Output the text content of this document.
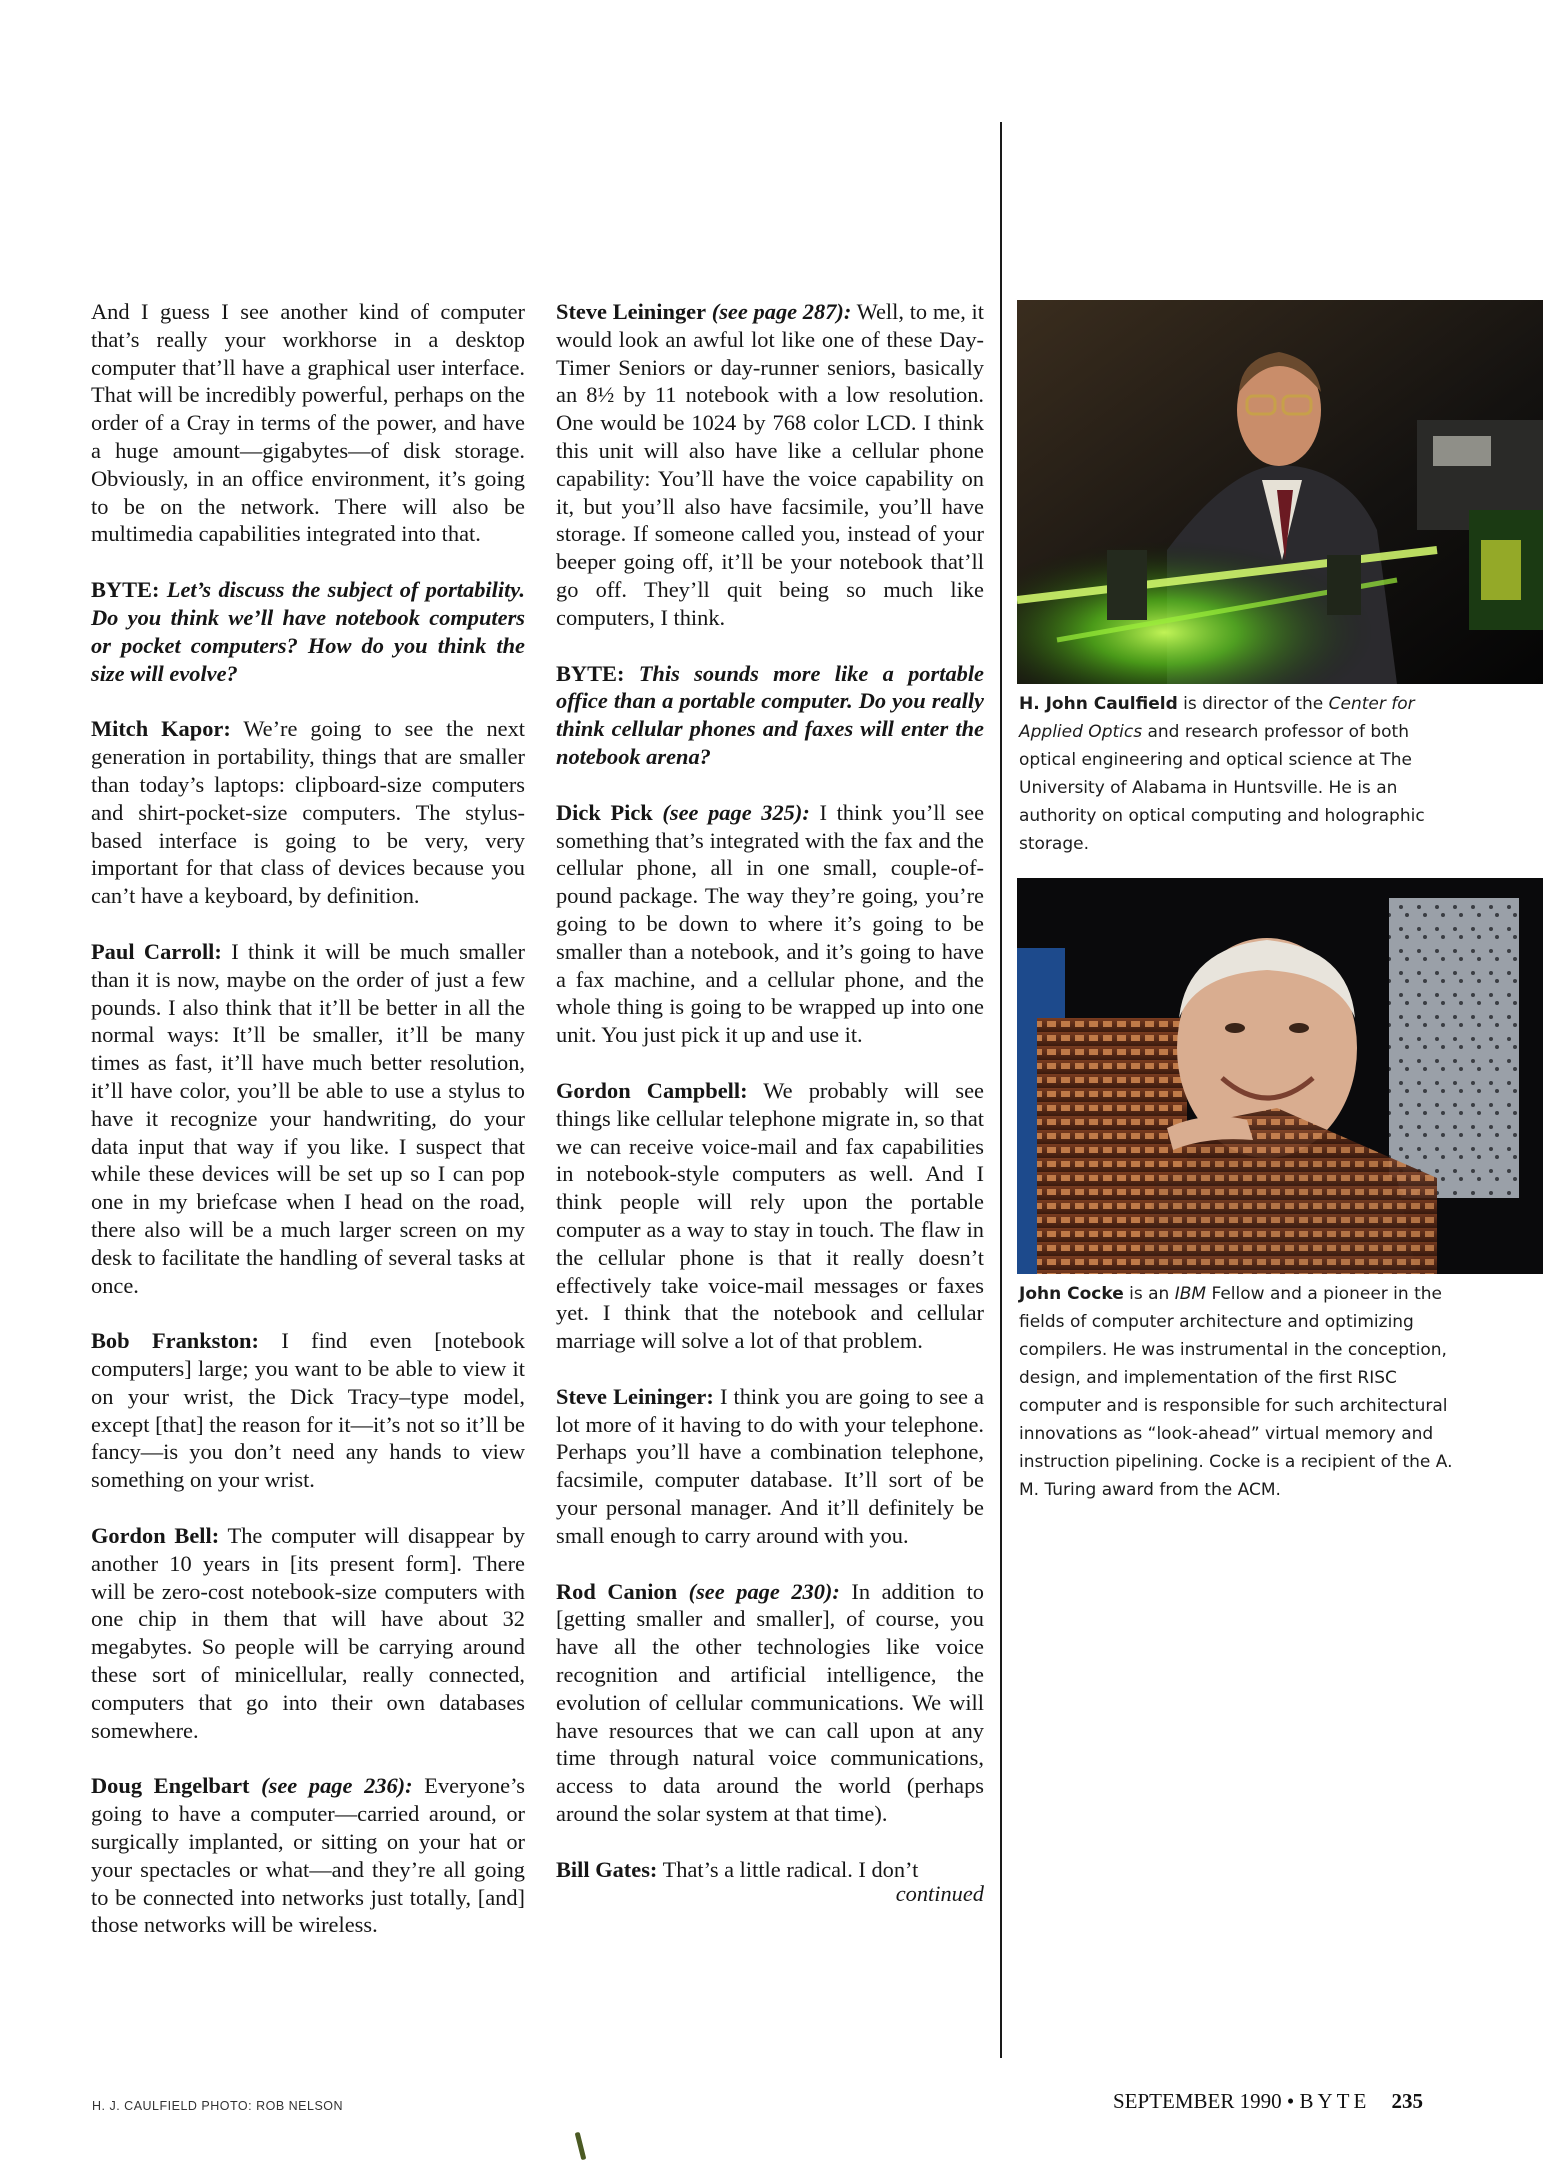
And I guess I see another kind of computer that’s really your workhorse in a desktop computer that’ll have a graphical user interface. That will be incredibly powerful, perhaps on the order of a Cray in terms of the power, and have a huge amount—gigabytes—of disk storage. Obviously, in an office environment, it’s going to be on the network. There will also be multimedia capabilities integrated into that.

BYTE: Let’s discuss the subject of portability. Do you think we’ll have notebook computers or pocket computers? How do you think the size will evolve?

Mitch Kapor: We’re going to see the next generation in portability, things that are smaller than today’s laptops: clipboard-size computers and shirt-pocket-size computers. The stylus-based interface is going to be very, very important for that class of devices because you can’t have a keyboard, by definition.

Paul Carroll: I think it will be much smaller than it is now, maybe on the order of just a few pounds. I also think that it’ll be better in all the normal ways: It’ll be smaller, it’ll be many times as fast, it’ll have much better resolution, it’ll have color, you’ll be able to use a stylus to have it recognize your handwriting, do your data input that way if you like. I suspect that while these devices will be set up so I can pop one in my briefcase when I head on the road, there also will be a much larger screen on my desk to facilitate the handling of several tasks at once.

Bob Frankston: I find even [notebook computers] large; you want to be able to view it on your wrist, the Dick Tracy–type model, except [that] the reason for it—it’s not so it’ll be fancy—is you don’t need any hands to view something on your wrist.

Gordon Bell: The computer will disappear by another 10 years in [its present form]. There will be zero-cost notebook-size computers with one chip in them that will have about 32 megabytes. So people will be carrying around these sort of minicellular, really connected, computers that go into their own databases somewhere.

Doug Engelbart (see page 236): Everyone’s going to have a computer—carried around, or surgically implanted, or sitting on your hat or your spectacles or what—and they’re all going to be connected into networks just totally, [and] those networks will be wireless.

Steve Leininger (see page 287): Well, to me, it would look an awful lot like one of these Day-Timer Seniors or day-runner seniors, basically an 8½ by 11 notebook with a low resolution. One would be 1024 by 768 color LCD. I think this unit will also have like a cellular phone capability: You’ll have the voice capability on it, but you’ll also have facsimile, you’ll have storage. If someone called you, instead of your beeper going off, it’ll be your notebook that’ll go off. They’ll quit being so much like computers, I think.

BYTE: This sounds more like a portable office than a portable computer. Do you really think cellular phones and faxes will enter the notebook arena?

Dick Pick (see page 325): I think you’ll see something that’s integrated with the fax and the cellular phone, all in one small, couple-of-pound package. The way they’re going, you’re going to be down to where it’s going to be smaller than a notebook, and it’s going to have a fax machine, and a cellular phone, and the whole thing is going to be wrapped up into one unit. You just pick it up and use it.

Gordon Campbell: We probably will see things like cellular telephone migrate in, so that we can receive voice-mail and fax capabilities in notebook-style computers as well. And I think people will rely upon the portable computer as a way to stay in touch. The flaw in the cellular phone is that it really doesn’t effectively take voice-mail messages or faxes yet. I think that the notebook and cellular marriage will solve a lot of that problem.

Steve Leininger: I think you are going to see a lot more of it having to do with your telephone. Perhaps you’ll have a combination telephone, facsimile, computer database. It’ll sort of be your personal manager. And it’ll definitely be small enough to carry around with you.

Rod Canion (see page 230): In addition to [getting smaller and smaller], of course, you have all the other technologies like voice recognition and artificial intelligence, the evolution of cellular communications. We will have resources that we can call upon at any time through natural voice communications, access to data around the world (perhaps around the solar system at that time).

Bill Gates: That’s a little radical. I don’t

continued
H. John Caulfield is director of the Center for Applied Optics and research professor of both optical engineering and optical science at The University of Alabama in Huntsville. He is an authority on optical computing and holographic storage.
John Cocke is an IBM Fellow and a pioneer in the fields of computer architecture and optimizing compilers. He was instrumental in the conception, design, and implementation of the first RISC computer and is responsible for such architectural innovations as “look-ahead” virtual memory and instruction pipelining. Cocke is a recipient of the A. M. Turing award from the ACM.
H. J. CAULFIELD PHOTO: ROB NELSON	SEPTEMBER 1990 • BYTE 235
